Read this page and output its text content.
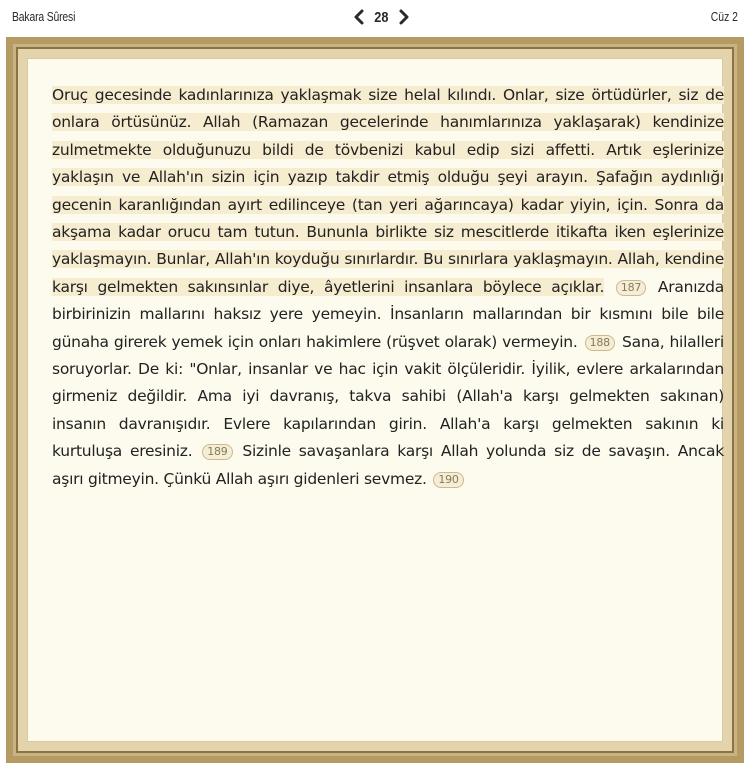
Bakara Sûresi	28	Cüz 2
Oruç gecesinde kadınlarınıza yaklaşmak size helal kılındı. Onlar, size örtüdürler, siz de onlara örtüsünüz. Allah (Ramazan gecelerinde hanımlarınıza yaklaşarak) kendinize zulmetmekte olduğunuzu bildi de tövbenizi kabul edip sizi affetti. Artık eşlerinize yaklaşın ve Allah'ın sizin için yazıp takdir etmiş olduğu şeyi arayın. Şafağın aydınlığı gecenin karanlığından ayırt edilinceye (tan yeri ağarıncaya) kadar yiyin, için. Sonra da akşama kadar orucu tam tutun. Bununla birlikte siz mescitlerde itikafta iken eşlerinize yaklaşmayın. Bunlar, Allah'ın koyduğu sınırlardır. Bu sınırlara yaklaşmayın. Allah, kendine karşı gelmekten sakınsınlar diye, âyetlerini insanlara böylece açıklar. 187 Aranızda birbirinizin mallarını haksız yere yemeyin. İnsanların mallarından bir kısmını bile bile günaha girerek yemek için onları hakimlere (rüşvet olarak) vermeyin. 188 Sana, hilalleri soruyorlar. De ki: "Onlar, insanlar ve hac için vakit ölçüleridir. İyilik, evlere arkalarından girmeniz değildir. Ama iyi davranış, takva sahibi (Allah'a karşı gelmekten sakınan) insanın davranışıdır. Evlere kapılarından girin. Allah'a karşı gelmekten sakının ki kurtuluşa eresiniz. 189 Sizinle savaşanlara karşı Allah yolunda siz de savaşın. Ancak aşırı gitmeyin. Çünkü Allah aşırı gidenleri sevmez. 190
